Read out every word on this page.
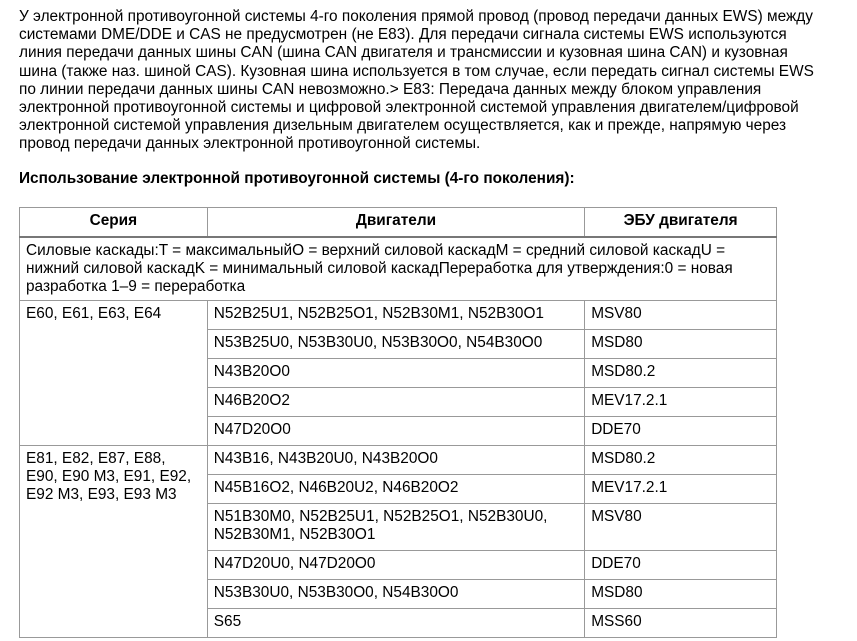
У электронной противоугонной системы 4-го поколения прямой провод (провод передачи данных EWS) между системами DME/DDE и CAS не предусмотрен (не E83). Для передачи сигнала системы EWS используются линия передачи данных шины CAN (шина CAN двигателя и трансмиссии и кузовная шина CAN) и кузовная шина (также наз. шиной CAS). Кузовная шина используется в том случае, если передать сигнал системы EWS по линии передачи данных шины CAN невозможно.> E83: Передача данных между блоком управления электронной противоугонной системы и цифровой электронной системой управления двигателем/цифровой электронной системой управления дизельным двигателем осуществляется, как и прежде, напрямую через провод передачи данных электронной противоугонной системы.

Использование электронной противоугонной системы (4-го поколения):

Серия	Двигатели	ЭБУ двигателя
Силовые каскады:T = максимальныйO = верхний силовой каскадM = средний силовой каскадU = нижний силовой каскадK = минимальный силовой каскадПереработка для утверждения:0 = новая разработка 1–9 = переработка		
E60, E61, E63, E64	N52B25U1, N52B25O1, N52B30M1, N52B30O1	MSV80
	N53B25U0, N53B30U0, N53B30O0, N54B30O0	MSD80
	N43B20O0	MSD80.2
	N46B20O2	MEV17.2.1
	N47D20O0	DDE70
E81, E82, E87, E88, E90, E90 M3, E91, E92, E92 M3, E93, E93 M3	N43B16, N43B20U0, N43B20O0	MSD80.2
	N45B16O2, N46B20U2, N46B20O2	MEV17.2.1
	N51B30M0, N52B25U1, N52B25O1, N52B30U0, N52B30M1, N52B30O1	MSV80
	N47D20U0, N47D20O0	DDE70
	N53B30U0, N53B30O0, N54B30O0	MSD80
	S65	MSS60
